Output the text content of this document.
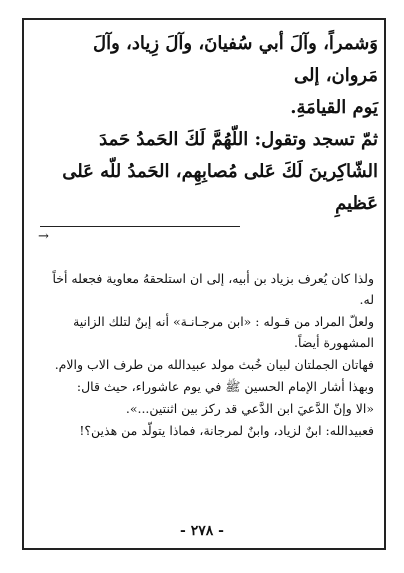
وَشمراً، وآلَ أبي سُفيانَ، وآلَ زِياد، وآلَ مَروان، إلى

يَوم القيامَةِ.

ثمّ تسجد وتقول: اللّهُمَّ لَكَ الحَمدُ حَمدَ

الشّاكِرينَ لَكَ عَلى مُصابِهِم، الحَمدُ للّه عَلى عَظيمِ

→

ولذا كان يُعرف بزياد بن أبيه، إلى ان استلحقهُ معاوية فجعله أخاً له.

ولعلّ المراد من قـوله : «ابن مرجـانـة» أنه إبنٌ لتلك الزانية المشهورة أيضاً.

فهاتان الجملتان لبيان خُبث مولد عبيدالله من طرف الاب والام.

وبهذا أشار الإمام الحسين ﷺ في يوم عاشوراء، حيث قال:

«الا وإنّ الدَّعيَ ابن الدَّعي قد ركز بين اثنتين...».

فعبيدالله: ابنٌ لزياد، وابنٌ لمرجانة، فماذا يتولّد من هذين؟!

- ٢٧٨ -
